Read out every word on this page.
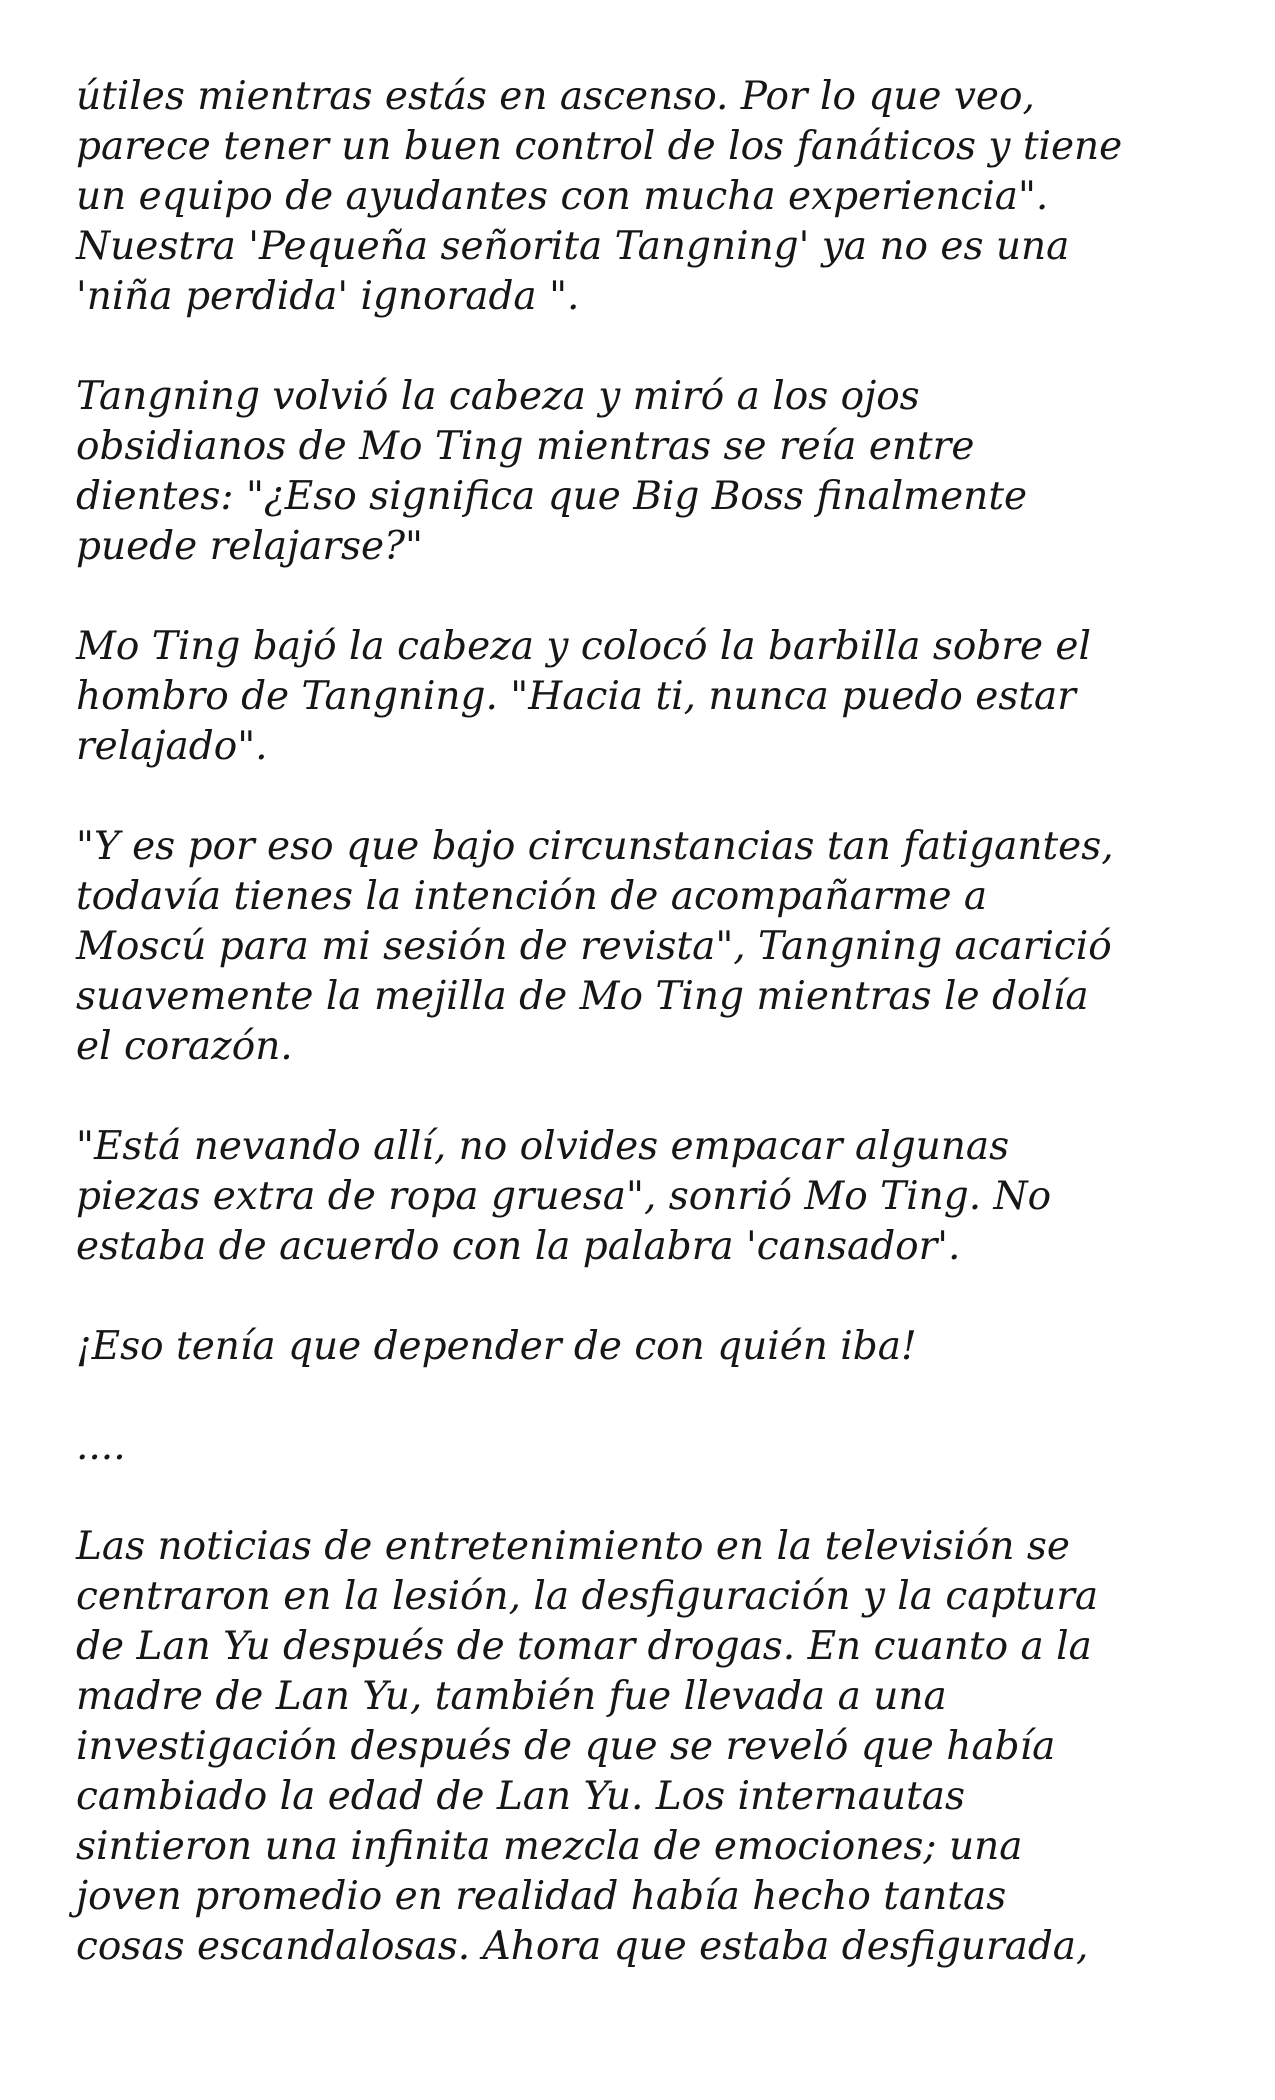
útiles mientras estás en ascenso. Por lo que veo,
parece tener un buen control de los fanáticos y tiene
un equipo de ayudantes con mucha experiencia".
Nuestra 'Pequeña señorita Tangning' ya no es una
'niña perdida' ignorada ".

Tangning volvió la cabeza y miró a los ojos
obsidianos de Mo Ting mientras se reía entre
dientes: "¿Eso significa que Big Boss finalmente
puede relajarse?"

Mo Ting bajó la cabeza y colocó la barbilla sobre el
hombro de Tangning. "Hacia ti, nunca puedo estar
relajado".

"Y es por eso que bajo circunstancias tan fatigantes,
todavía tienes la intención de acompañarme a
Moscú para mi sesión de revista", Tangning acarició
suavemente la mejilla de Mo Ting mientras le dolía
el corazón.

"Está nevando allí, no olvides empacar algunas
piezas extra de ropa gruesa", sonrió Mo Ting. No
estaba de acuerdo con la palabra 'cansador'.

¡Eso tenía que depender de con quién iba!

....

Las noticias de entretenimiento en la televisión se
centraron en la lesión, la desfiguración y la captura
de Lan Yu después de tomar drogas. En cuanto a la
madre de Lan Yu, también fue llevada a una
investigación después de que se reveló que había
cambiado la edad de Lan Yu. Los internautas
sintieron una infinita mezcla de emociones; una
joven promedio en realidad había hecho tantas
cosas escandalosas. Ahora que estaba desfigurada,
